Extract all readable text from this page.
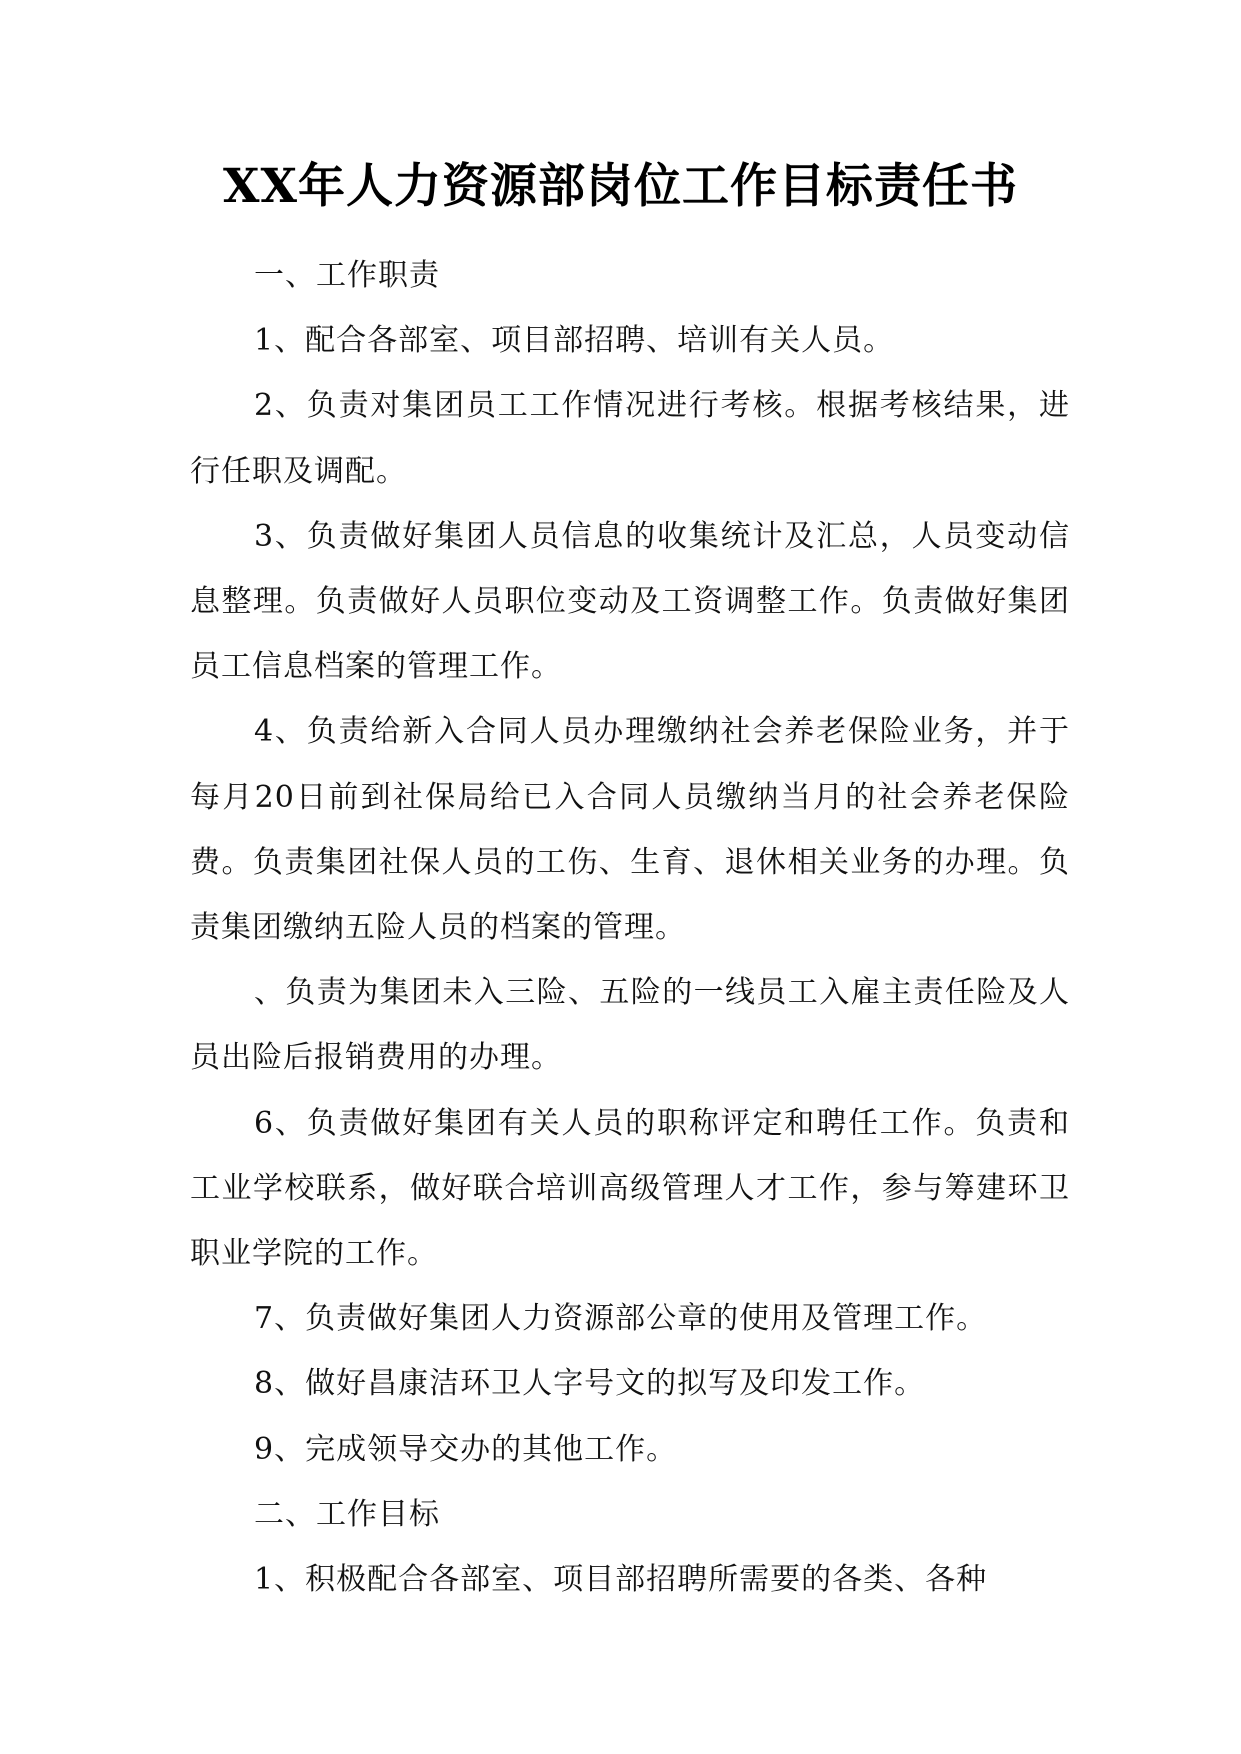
XX年人力资源部岗位工作目标责任书

一、工作职责

1、配合各部室、项目部招聘、培训有关人员。

2、负责对集团员工工作情况进行考核。根据考核结果，进行任职及调配。

3、负责做好集团人员信息的收集统计及汇总，人员变动信息整理。负责做好人员职位变动及工资调整工作。负责做好集团员工信息档案的管理工作。

4、负责给新入合同人员办理缴纳社会养老保险业务，并于每月20日前到社保局给已入合同人员缴纳当月的社会养老保险费。负责集团社保人员的工伤、生育、退休相关业务的办理。负责集团缴纳五险人员的档案的管理。

、负责为集团未入三险、五险的一线员工入雇主责任险及人员出险后报销费用的办理。

6、负责做好集团有关人员的职称评定和聘任工作。负责和工业学校联系，做好联合培训高级管理人才工作，参与筹建环卫职业学院的工作。

7、负责做好集团人力资源部公章的使用及管理工作。

8、做好昌康洁环卫人字号文的拟写及印发工作。

9、完成领导交办的其他工作。

二、工作目标

1、积极配合各部室、项目部招聘所需要的各类、各种
